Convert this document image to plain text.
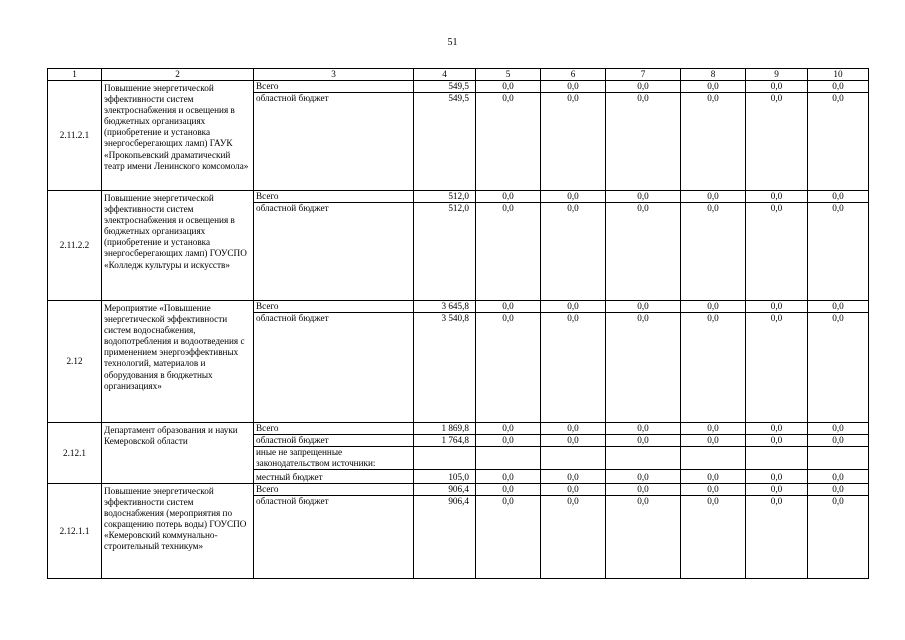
51
1	2	3	4	5	6	7	8	9	10
2.11.2.1	Повышение энергетической эффективности систем электроснабжения и освещения в бюджетных организациях (приобретение и установка энергосберегающих ламп) ГАУК «Прокопьевский драматический театр имени Ленинского комсомола»	Всего	549,5	0,0	0,0	0,0	0,0	0,0	0,0
		областной бюджет	549,5	0,0	0,0	0,0	0,0	0,0	0,0
2.11.2.2	Повышение энергетической эффективности систем электроснабжения и освещения в бюджетных организациях (приобретение и установка энергосберегающих ламп) ГОУСПО «Колледж культуры и искусств»	Всего	512,0	0,0	0,0	0,0	0,0	0,0	0,0
		областной бюджет	512,0	0,0	0,0	0,0	0,0	0,0	0,0
2.12	Мероприятие «Повышение энергетической эффективности систем водоснабжения, водопотребления и водоотведения с применением энергоэффективных технологий, материалов и оборудования в бюджетных организациях»	Всего	3 645,8	0,0	0,0	0,0	0,0	0,0	0,0
		областной бюджет	3 540,8	0,0	0,0	0,0	0,0	0,0	0,0
2.12.1	Департамент образования и науки Кемеровской области	Всего	1 869,8	0,0	0,0	0,0	0,0	0,0	0,0
		областной бюджет	1 764,8	0,0	0,0	0,0	0,0	0,0	0,0
		иные не запрещенные законодательством источники:							
		местный бюджет	105,0	0,0	0,0	0,0	0,0	0,0	0,0
2.12.1.1	Повышение энергетической эффективности систем водоснабжения (мероприятия по сокращению потерь воды) ГОУСПО «Кемеровский коммунально-строительный техникум»	Всего	906,4	0,0	0,0	0,0	0,0	0,0	0,0
		областной бюджет	906,4	0,0	0,0	0,0	0,0	0,0	0,0
